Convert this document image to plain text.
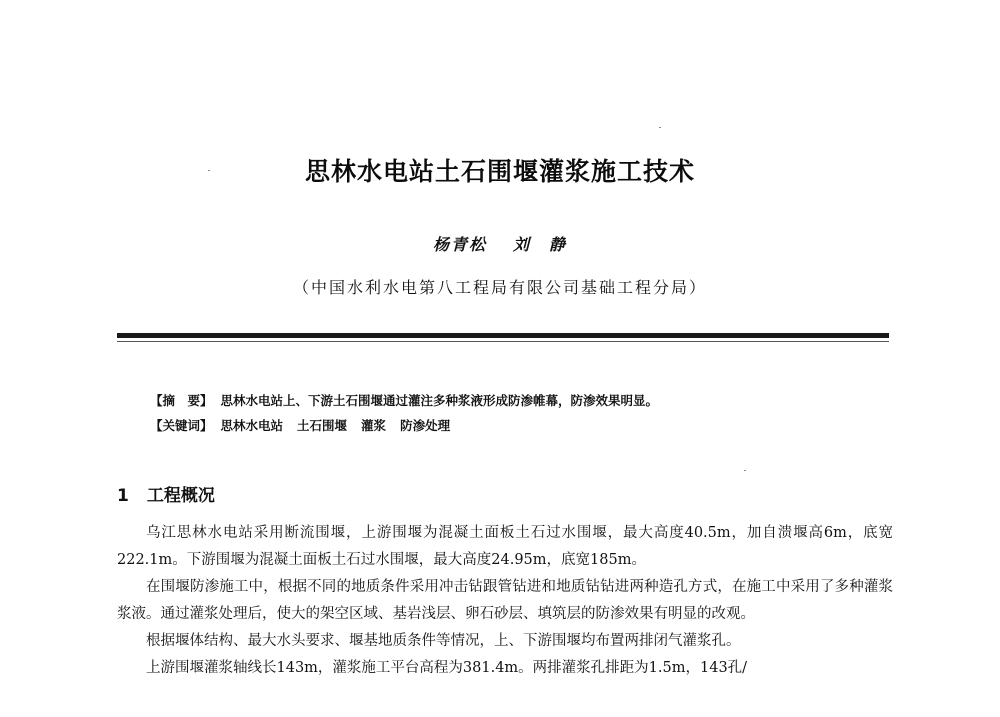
思林水电站土石围堰灌浆施工技术
杨青松 刘　静
（中国水利水电第八工程局有限公司基础工程分局）
【摘　要】 思林水电站上、下游土石围堰通过灌注多种浆液形成防渗帷幕，防渗效果明显。
【关键词】 思林水电站 土石围堰 灌浆 防渗处理
1 工程概况

乌江思林水电站采用断流围堰，上游围堰为混凝土面板土石过水围堰，最大高度40.5m，加自溃堰高6m，底宽222.1m。下游围堰为混凝土面板土石过水围堰，最大高度24.95m，底宽185m。

在围堰防渗施工中，根据不同的地质条件采用冲击钻跟管钻进和地质钻钻进两种造孔方式，在施工中采用了多种灌浆浆液。通过灌浆处理后，使大的架空区域、基岩浅层、卵石砂层、填筑层的防渗效果有明显的改观。

根据堰体结构、最大水头要求、堰基地质条件等情况，上、下游围堰均布置两排闭气灌浆孔。

上游围堰灌浆轴线长143m，灌浆施工平台高程为381.4m。两排灌浆孔排距为1.5m，143孔/
